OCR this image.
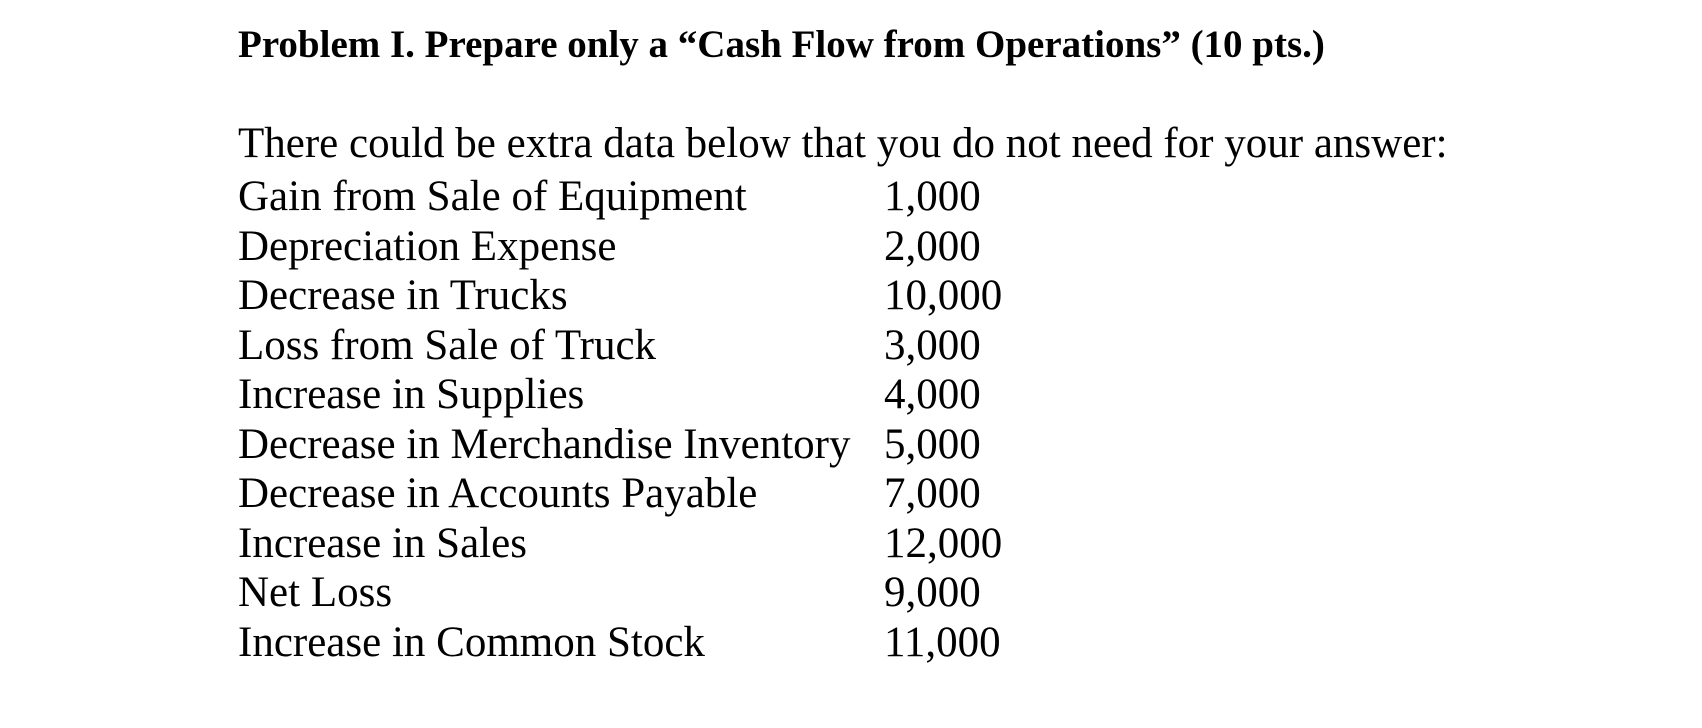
Problem I. Prepare only a “Cash Flow from Operations” (10 pts.)

There could be extra data below that you do not need for your answer:

Gain from Sale of Equipment	1,000
Depreciation Expense	2,000
Decrease in Trucks	10,000
Loss from Sale of Truck	3,000
Increase in Supplies	4,000
Decrease in Merchandise Inventory	5,000
Decrease in Accounts Payable	7,000
Increase in Sales	12,000
Net Loss	9,000
Increase in Common Stock	11,000
